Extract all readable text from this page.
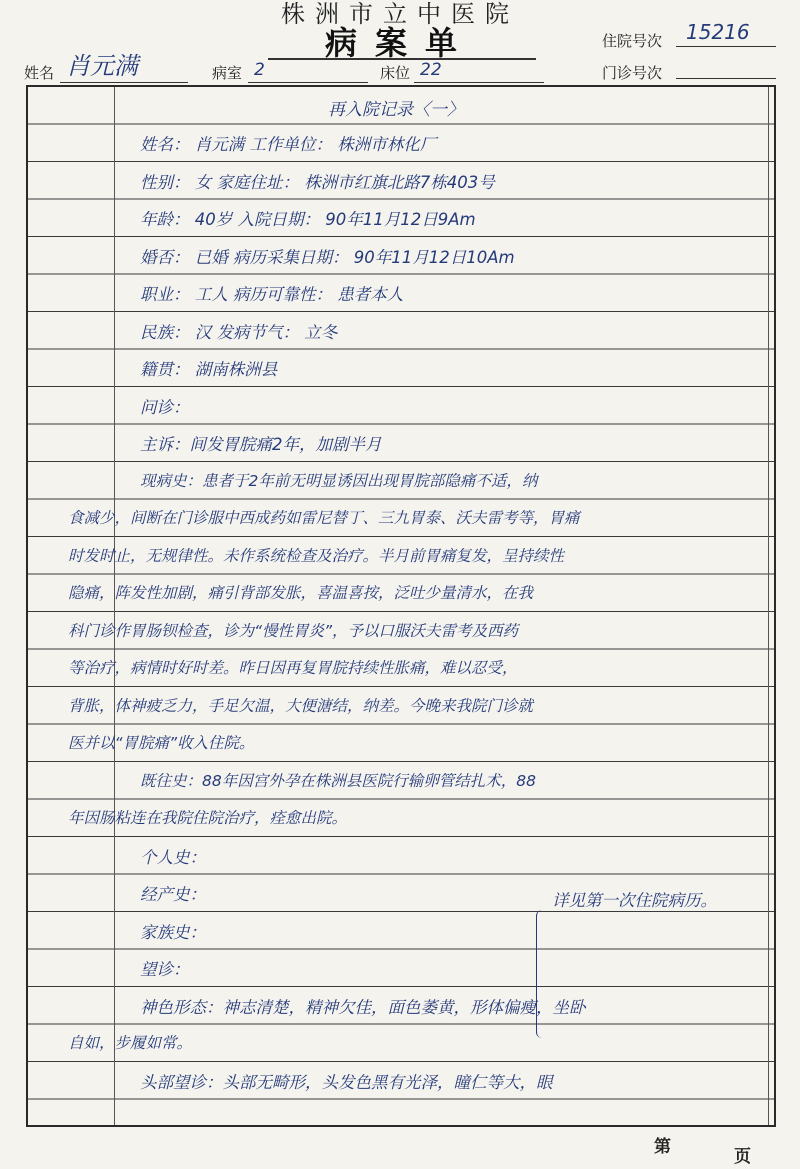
株洲市立中医院
病案单	住院号次 15216
门诊号次
姓名 肖元满	病室 2	床位 22
再入院记录〈一〉
姓名： 肖元满 工作单位： 株洲市林化厂
性别： 女 家庭住址： 株洲市红旗北路7栋403号
年龄： 40岁 入院日期： 90年11月12日9Am
婚否： 已婚 病历采集日期： 90年11月12日10Am
职业： 工人 病历可靠性： 患者本人
民族： 汉 发病节气： 立冬
籍贯： 湖南株洲县
问诊：
主诉：间发胃脘痛2年，加剧半月
现病史：患者于2年前无明显诱因出现胃脘部隐痛不适，纳
食减少，间断在门诊服中西成药如雷尼替丁、三九胃泰、沃夫雷考等，胃痛
时发时止，无规律性。未作系统检查及治疗。半月前胃痛复发，呈持续性
隐痛，阵发性加剧，痛引背部发胀，喜温喜按，泛吐少量清水，在我
科门诊作胃肠钡检查，诊为“慢性胃炎”，予以口服沃夫雷考及西药
等治疗，病情时好时差。昨日因再复胃脘持续性胀痛，难以忍受，
背胀，体神疲乏力，手足欠温，大便溏结，纳差。今晚来我院门诊就
医并以“胃脘痛”收入住院。
既往史：88年因宫外孕在株洲县医院行输卵管结扎术，88
年因肠粘连在我院住院治疗，痊愈出院。
个人史：
经产史：
家族史：
望诊：
神色形态：神志清楚，精神欠佳，面色萎黄，形体偏瘦，坐卧
自如，步履如常。
头部望诊：头部无畸形，头发色黑有光泽，瞳仁等大，眼
详见第一次住院病历。
第	页
